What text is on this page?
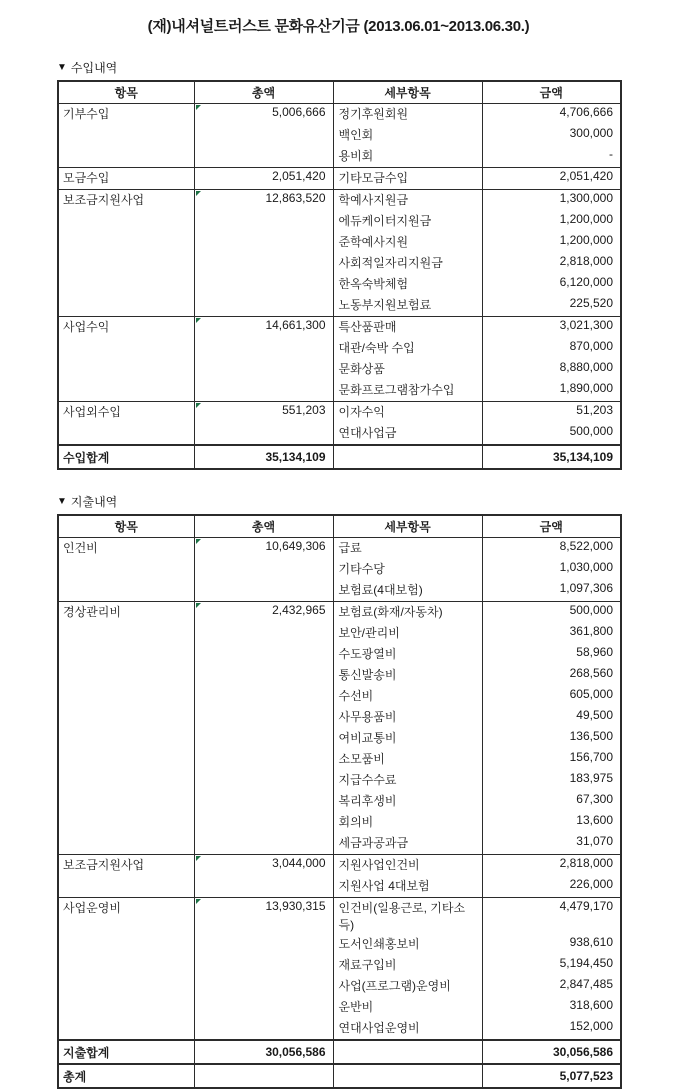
(재)내셔널트러스트 문화유산기금 (2013.06.01~2013.06.30.)
▼ 수입내역
항목	총액	세부항목	금액
기부수입	5,006,666	정기후원회원	4,706,666
		백인회	300,000
		용비회	-
모금수입	2,051,420	기타모금수입	2,051,420
보조금지원사업	12,863,520	학예사지원금	1,300,000
		에듀케이터지원금	1,200,000
		준학예사지원	1,200,000
		사회적일자리지원금	2,818,000
		한옥숙박체험	6,120,000
		노동부지원보험료	225,520
사업수익	14,661,300	특산품판매	3,021,300
		대관/숙박 수입	870,000
		문화상품	8,880,000
		문화프로그램참가수입	1,890,000
사업외수입	551,203	이자수익	51,203
		연대사업금	500,000
수입합계	35,134,109		35,134,109
▼ 지출내역
항목	총액	세부항목	금액
인건비	10,649,306	급료	8,522,000
		기타수당	1,030,000
		보험료(4대보험)	1,097,306
경상관리비	2,432,965	보험료(화재/자동차)	500,000
		보안/관리비	361,800
		수도광열비	58,960
		통신발송비	268,560
		수선비	605,000
		사무용품비	49,500
		여비교통비	136,500
		소모품비	156,700
		지급수수료	183,975
		복리후생비	67,300
		회의비	13,600
		세금과공과금	31,070
보조금지원사업	3,044,000	지원사업인건비	2,818,000
		지원사업 4대보험	226,000
사업운영비	13,930,315	인건비(일용근로, 기타소득)	4,479,170
		도서인쇄홍보비	938,610
		재료구입비	5,194,450
		사업(프로그램)운영비	2,847,485
		운반비	318,600
		연대사업운영비	152,000
지출합계	30,056,586		30,056,586
총계			5,077,523
